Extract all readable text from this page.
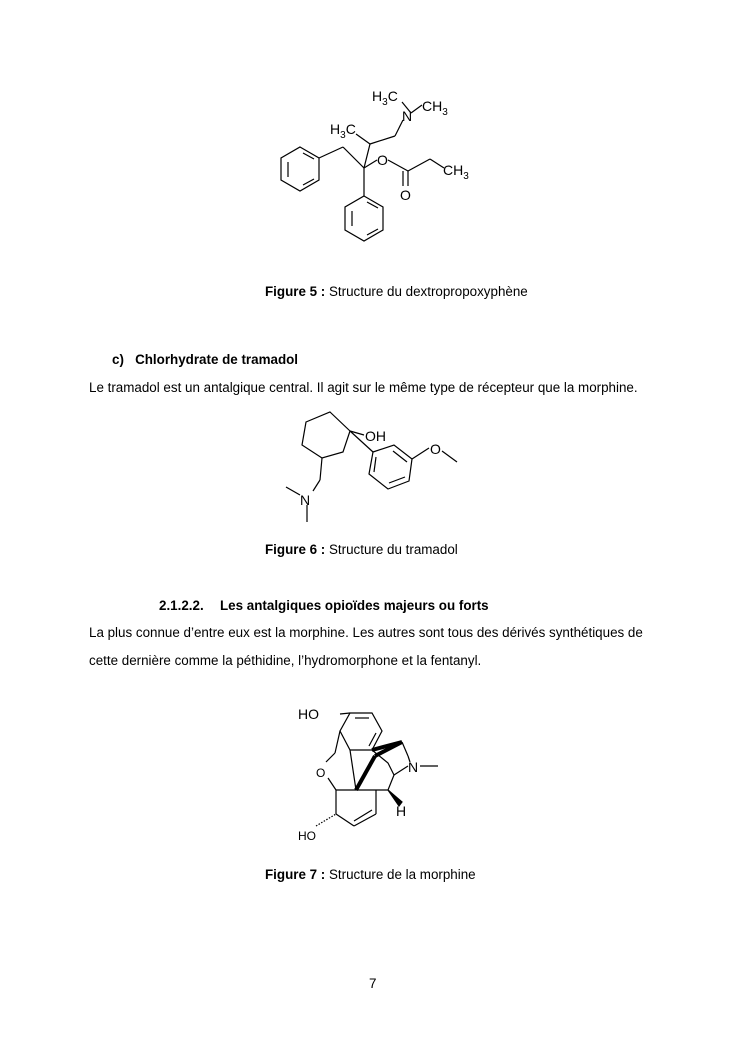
$H_3C$
N
$CH_3$
$H_3C$
O
$CH_3$
O
Figure 5 : Structure du dextropropoxyphène
c)   Chlorhydrate de tramadol
Le tramadol est un antalgique central. Il agit sur le même type de récepteur que la morphine.
OH
O
N
Figure 6 : Structure du tramadol
2.1.2.2. Les antalgiques opioïdes majeurs ou forts
La plus connue d’entre eux est la morphine. Les autres sont tous des dérivés synthétiques de
cette dernière comme la péthidine, l’hydromorphone et la fentanyl.
HO
O	N
H
HO
Figure 7 : Structure de la morphine
7
